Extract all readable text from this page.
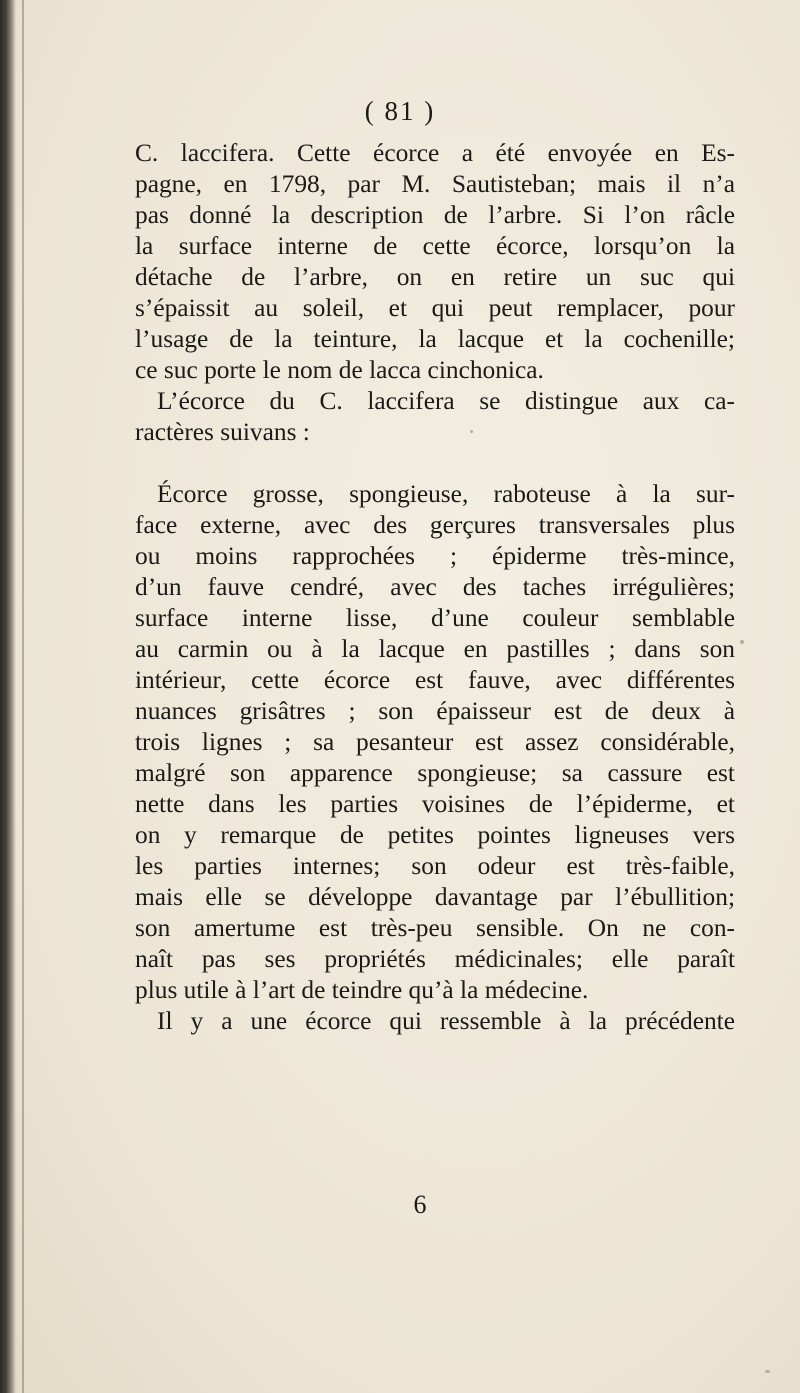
( 81 )
C. laccifera. Cette écorce a été envoyée en Es-
pagne, en 1798, par M. Sautisteban; mais il n’a
pas donné la description de l’arbre. Si l’on râcle
la surface interne de cette écorce, lorsqu’on la
détache de l’arbre, on en retire un suc qui
s’épaissit au soleil, et qui peut remplacer, pour
l’usage de la teinture, la lacque et la cochenille;
ce suc porte le nom de lacca cinchonica.
L’écorce du C. laccifera se distingue aux ca-
ractères suivans :
Écorce grosse, spongieuse, raboteuse à la sur-
face externe, avec des gerçures transversales plus
ou moins rapprochées ; épiderme très-mince,
d’un fauve cendré, avec des taches irrégulières;
surface interne lisse, d’une couleur semblable
au carmin ou à la lacque en pastilles ; dans son
intérieur, cette écorce est fauve, avec différentes
nuances grisâtres ; son épaisseur est de deux à
trois lignes ; sa pesanteur est assez considérable,
malgré son apparence spongieuse; sa cassure est
nette dans les parties voisines de l’épiderme, et
on y remarque de petites pointes ligneuses vers
les parties internes; son odeur est très-faible,
mais elle se développe davantage par l’ébullition;
son amertume est très-peu sensible. On ne con-
naît pas ses propriétés médicinales; elle paraît
plus utile à l’art de teindre qu’à la médecine.
Il y a une écorce qui ressemble à la précédente
6
